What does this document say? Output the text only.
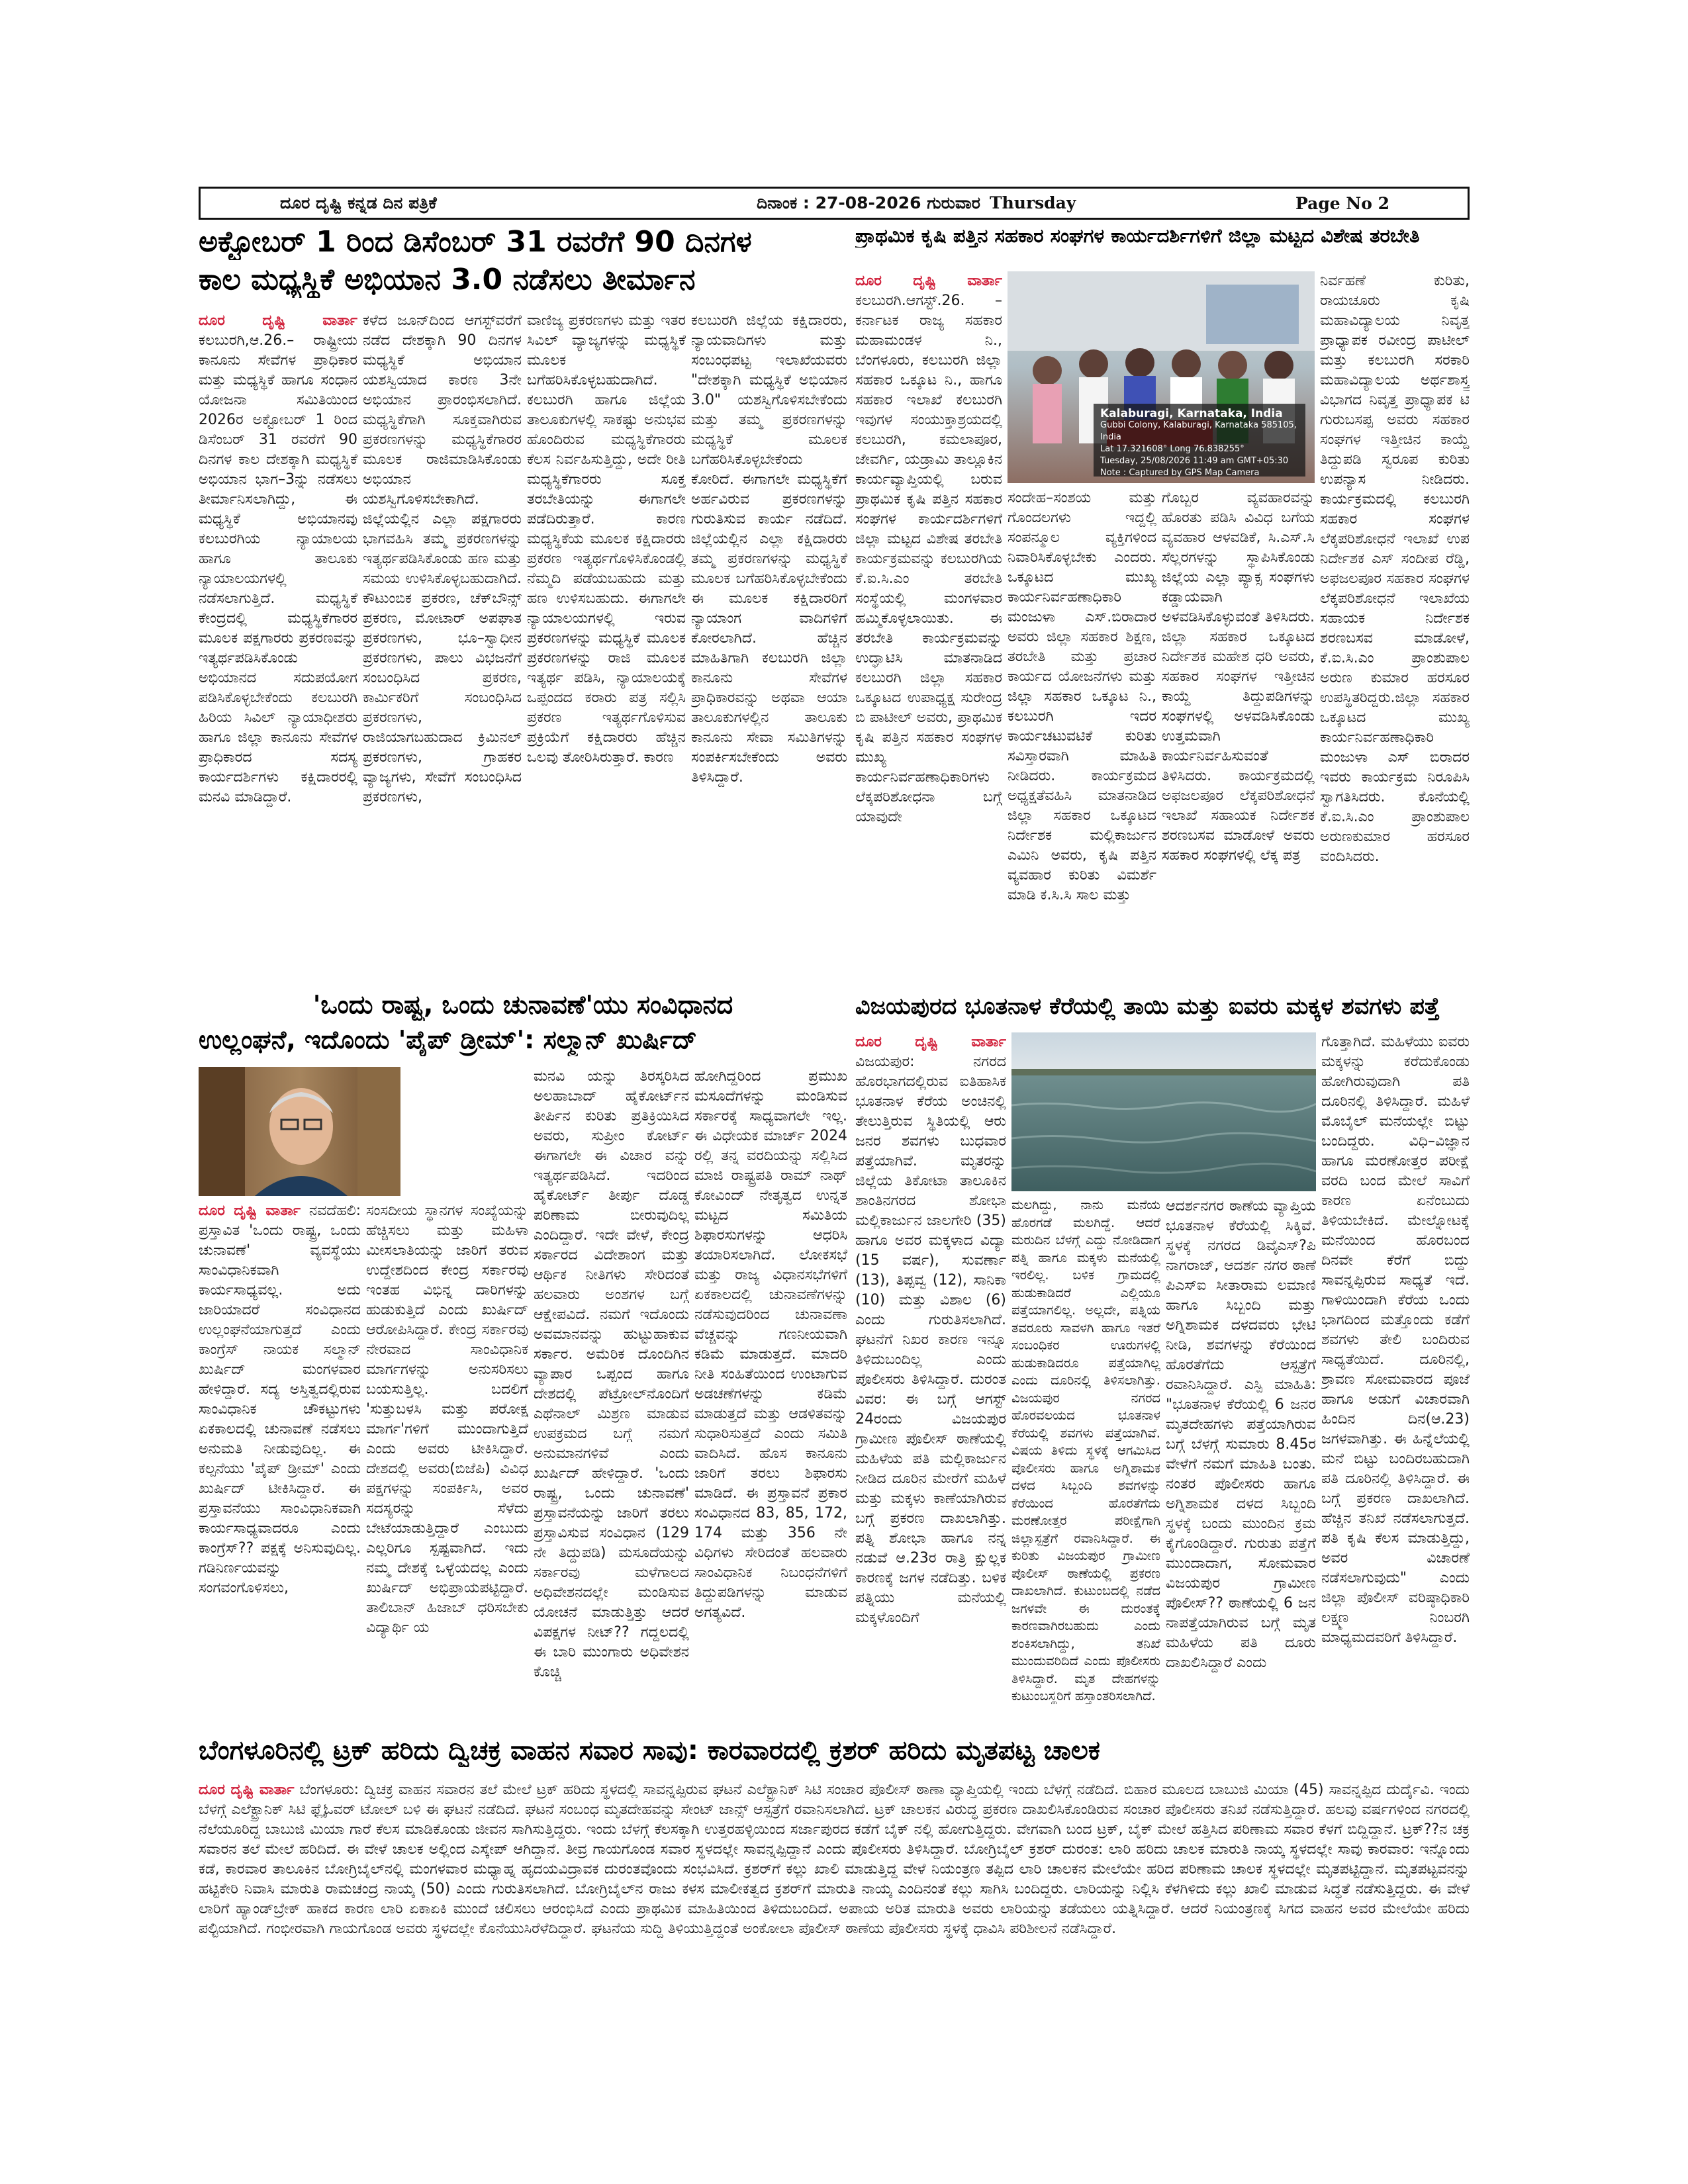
ದೂರ ದೃಷ್ಟಿ ಕನ್ನಡ ದಿನ ಪತ್ರಿಕೆ	ದಿನಾಂಕ : 27-08-2026 ಗುರುವಾರ Thursday	Page No 2
ಅಕ್ಟೋಬರ್ 1 ರಿಂದ ಡಿಸೆಂಬರ್ 31 ರವರೆಗೆ 90 ದಿನಗಳ
ಕಾಲ ಮಧ್ಯಸ್ಥಿಕೆ ಅಭಿಯಾನ 3.0 ನಡೆಸಲು ತೀರ್ಮಾನ
ದೂರ ದೃಷ್ಟಿ ವಾರ್ತಾ ಕಲಬುರಗಿ,ಆ.26.– ರಾಷ್ಟ್ರೀಯ ಕಾನೂನು ಸೇವೆಗಳ ಪ್ರಾಧಿಕಾರ ಮತ್ತು ಮಧ್ಯಸ್ಥಿಕೆ ಹಾಗೂ ಸಂಧಾನ ಯೋಜನಾ ಸಮಿತಿಯಿಂದ 2026ರ ಅಕ್ಟೋಬರ್ 1 ರಿಂದ ಡಿಸೆಂಬರ್ 31 ರವರೆಗೆ 90 ದಿನಗಳ ಕಾಲ ದೇಶಕ್ಕಾಗಿ ಮಧ್ಯಸ್ಥಿಕೆ ಅಭಿಯಾನ ಭಾಗ–3ನ್ನು ನಡೆಸಲು ತೀರ್ಮಾನಿಸಲಾಗಿದ್ದು, ಈ ಮಧ್ಯಸ್ಥಿಕೆ ಅಭಿಯಾನವು ಕಲಬುರಗಿಯ ನ್ಯಾಯಾಲಯ ಹಾಗೂ ತಾಲೂಕು ನ್ಯಾಯಾಲಯಗಳಲ್ಲಿ ನಡೆಸಲಾಗುತ್ತಿದೆ. ಮಧ್ಯಸ್ಥಿಕೆ ಕೇಂದ್ರದಲ್ಲಿ ಮಧ್ಯಸ್ಥಿಕೆಗಾರರ ಮೂಲಕ ಪಕ್ಷಗಾರರು ಪ್ರಕರಣವನ್ನು ಇತ್ಯರ್ಥಪಡಿಸಿಕೊಂಡು ಅಭಿಯಾನದ ಸದುಪಯೋಗ ಪಡಿಸಿಕೊಳ್ಳಬೇಕೆಂದು ಕಲಬುರಗಿ ಹಿರಿಯ ಸಿವಿಲ್ ನ್ಯಾಯಾಧೀಶರು ಹಾಗೂ ಜಿಲ್ಲಾ ಕಾನೂನು ಸೇವೆಗಳ ಪ್ರಾಧಿಕಾರದ ಸದಸ್ಯ ಕಾರ್ಯದರ್ಶಿಗಳು ಕಕ್ಷಿದಾರರಲ್ಲಿ ಮನವಿ ಮಾಡಿದ್ದಾರೆ.
ಕಳೆದ ಜೂನ್‌ದಿಂದ ಆಗಸ್ಟ್‌ವರೆಗೆ ನಡೆದ ದೇಶಕ್ಕಾಗಿ 90 ದಿನಗಳ ಮಧ್ಯಸ್ಥಿಕೆ ಅಭಿಯಾನ ಯಶಸ್ವಿಯಾದ ಕಾರಣ 3ನೇ ಅಭಿಯಾನ ಪ್ರಾರಂಭಿಸಲಾಗಿದೆ. ಮಧ್ಯಸ್ಥಿಕೆಗಾಗಿ ಸೂಕ್ತವಾಗಿರುವ ಪ್ರಕರಣಗಳನ್ನು ಮಧ್ಯಸ್ಥಿಕೆಗಾರರ ಮೂಲಕ ರಾಜಿಮಾಡಿಸಿಕೊಂಡು ಅಭಿಯಾನ ಯಶಸ್ವಿಗೊಳಿಸಬೇಕಾಗಿದೆ. ಜಿಲ್ಲೆಯಲ್ಲಿನ ಎಲ್ಲಾ ಪಕ್ಷಗಾರರು ಭಾಗವಹಿಸಿ ತಮ್ಮ ಪ್ರಕರಣಗಳನ್ನು ಇತ್ಯರ್ಥಪಡಿಸಿಕೊಂಡು ಹಣ ಮತ್ತು ಸಮಯ ಉಳಿಸಿಕೊಳ್ಳಬಹುದಾಗಿದೆ. ಕೌಟುಂಬಿಕ ಪ್ರಕರಣ, ಚೆಕ್‌ಬೌನ್ಸ್ ಪ್ರಕರಣ, ಮೋಟಾರ್ ಅಪಘಾತ ಪ್ರಕರಣಗಳು, ಭೂ–ಸ್ವಾಧೀನ ಪ್ರಕರಣಗಳು, ಪಾಲು ವಿಭಜನೆಗೆ ಸಂಬಂಧಿಸಿದ ಪ್ರಕರಣ, ಕಾರ್ಮಿಕರಿಗೆ ಸಂಬಂಧಿಸಿದ ಪ್ರಕರಣಗಳು, ರಾಜಿಯಾಗಬಹುದಾದ ಕ್ರಿಮಿನಲ್ ಪ್ರಕರಣಗಳು, ಗ್ರಾಹಕರ ವ್ಯಾಜ್ಯಗಳು, ಸೇವೆಗೆ ಸಂಬಂಧಿಸಿದ ಪ್ರಕರಣಗಳು,
ವಾಣಿಜ್ಯ ಪ್ರಕರಣಗಳು ಮತ್ತು ಇತರ ಸಿವಿಲ್ ವ್ಯಾಜ್ಯಗಳನ್ನು ಮಧ್ಯಸ್ಥಿಕೆ ಮೂಲಕ ಬಗೆಹರಿಸಿಕೊಳ್ಳಬಹುದಾಗಿದೆ. ಕಲಬುರಗಿ ಹಾಗೂ ಜಿಲ್ಲೆಯ ತಾಲೂಕುಗಳಲ್ಲಿ ಸಾಕಷ್ಟು ಅನುಭವ ಹೊಂದಿರುವ ಮಧ್ಯಸ್ಥಿಕೆಗಾರರು ಕೆಲಸ ನಿರ್ವಹಿಸುತ್ತಿದ್ದು, ಅದೇ ರೀತಿ ಮಧ್ಯಸ್ಥಿಕೆಗಾರರು ಸೂಕ್ತ ತರಬೇತಿಯನ್ನು ಈಗಾಗಲೇ ಪಡೆದಿರುತ್ತಾರೆ. ಕಾರಣ ಮಧ್ಯಸ್ಥಿಕೆಯ ಮೂಲಕ ಕಕ್ಷಿದಾರರು ಪ್ರಕರಣ ಇತ್ಯರ್ಥಗೊಳಿಸಿಕೊಂಡಲ್ಲಿ ನೆಮ್ಮದಿ ಪಡೆಯಬಹುದು ಮತ್ತು ಹಣ ಉಳಿಸಬಹುದು. ಈಗಾಗಲೇ ನ್ಯಾಯಾಲಯಗಳಲ್ಲಿ ಇರುವ ಪ್ರಕರಣಗಳನ್ನು ಮಧ್ಯಸ್ಥಿಕೆ ಮೂಲಕ ಪ್ರಕರಣಗಳನ್ನು ರಾಜಿ ಮೂಲಕ ಇತ್ಯರ್ಥ ಪಡಿಸಿ, ನ್ಯಾಯಾಲಯಕ್ಕೆ ಒಪ್ಪಂದದ ಕರಾರು ಪತ್ರ ಸಲ್ಲಿಸಿ ಪ್ರಕರಣ ಇತ್ಯರ್ಥಗೊಳಿಸುವ ಪ್ರಕ್ರಿಯೆಗೆ ಕಕ್ಷಿದಾರರು ಹೆಚ್ಚಿನ ಒಲವು ತೋರಿಸಿರುತ್ತಾರೆ. ಕಾರಣ
ಕಲಬುರಗಿ ಜಿಲ್ಲೆಯ ಕಕ್ಷಿದಾರರು, ನ್ಯಾಯವಾದಿಗಳು ಮತ್ತು ಸಂಬಂಧಪಟ್ಟ ಇಲಾಖೆಯವರು "ದೇಶಕ್ಕಾಗಿ ಮಧ್ಯಸ್ಥಿಕೆ ಅಭಿಯಾನ 3.0" ಯಶಸ್ವಿಗೊಳಿಸಬೇಕೆಂದು ಮತ್ತು ತಮ್ಮ ಪ್ರಕರಣಗಳನ್ನು ಮಧ್ಯಸ್ಥಿಕೆ ಮೂಲಕ ಬಗೆಹರಿಸಿಕೊಳ್ಳಬೇಕೆಂದು ಕೋರಿದೆ. ಈಗಾಗಲೇ ಮಧ್ಯಸ್ಥಿಕೆಗೆ ಅರ್ಹವಿರುವ ಪ್ರಕರಣಗಳನ್ನು ಗುರುತಿಸುವ ಕಾರ್ಯ ನಡೆದಿದೆ. ಜಿಲ್ಲೆಯಲ್ಲಿನ ಎಲ್ಲಾ ಕಕ್ಷಿದಾರರು ತಮ್ಮ ಪ್ರಕರಣಗಳನ್ನು ಮಧ್ಯಸ್ಥಿಕೆ ಮೂಲಕ ಬಗೆಹರಿಸಿಕೊಳ್ಳಬೇಕೆಂದು ಈ ಮೂಲಕ ಕಕ್ಷಿದಾರರಿಗೆ ನ್ಯಾಯಾಂಗ ವಾದಿಗಳಿಗೆ ಕೋರಲಾಗಿದೆ. ಹೆಚ್ಚಿನ ಮಾಹಿತಿಗಾಗಿ ಕಲಬುರಗಿ ಜಿಲ್ಲಾ ಕಾನೂನು ಸೇವೆಗಳ ಪ್ರಾಧಿಕಾರವನ್ನು ಅಥವಾ ಆಯಾ ತಾಲೂಕುಗಳಲ್ಲಿನ ತಾಲೂಕು ಕಾನೂನು ಸೇವಾ ಸಮಿತಿಗಳನ್ನು ಸಂಪರ್ಕಿಸಬೇಕೆಂದು ಅವರು ತಿಳಿಸಿದ್ದಾರೆ.
ಪ್ರಾಥಮಿಕ ಕೃಷಿ ಪತ್ತಿನ ಸಹಕಾರ ಸಂಘಗಳ ಕಾರ್ಯದರ್ಶಿಗಳಿಗೆ ಜಿಲ್ಲಾ ಮಟ್ಟದ ವಿಶೇಷ ತರಬೇತಿ
ದೂರ ದೃಷ್ಟಿ ವಾರ್ತಾ ಕಲಬುರಗಿ.ಆಗಸ್ಟ್.26. – ಕರ್ನಾಟಕ ರಾಜ್ಯ ಸಹಕಾರ ಮಹಾಮಂಡಳ ನಿ., ಬೆಂಗಳೂರು, ಕಲಬುರಗಿ ಜಿಲ್ಲಾ ಸಹಕಾರ ಒಕ್ಕೂಟ ನಿ., ಹಾಗೂ ಸಹಕಾರ ಇಲಾಖೆ ಕಲಬುರಗಿ ಇವುಗಳ ಸಂಯುಕ್ತಾಶ್ರಯದಲ್ಲಿ ಕಲಬುರಗಿ, ಕಮಲಾಪೂರ, ಜೇವರ್ಗಿ, ಯಡ್ರಾಮಿ ತಾಲ್ಲೂಕಿನ ಕಾರ್ಯವ್ಯಾಪ್ತಿಯಲ್ಲಿ ಬರುವ ಪ್ರಾಥಮಿಕ ಕೃಷಿ ಪತ್ತಿನ ಸಹಕಾರ ಸಂಘಗಳ ಕಾರ್ಯದರ್ಶಿಗಳಿಗೆ ಜಿಲ್ಲಾ ಮಟ್ಟದ ವಿಶೇಷ ತರಬೇತಿ ಕಾರ್ಯಕ್ರಮವನ್ನು ಕಲಬುರಗಿಯ ಕೆ.ಐ.ಸಿ.ಎಂ ತರಬೇತಿ ಸಂಸ್ಥೆಯಲ್ಲಿ ಮಂಗಳವಾರ ಹಮ್ಮಿಕೊಳ್ಳಲಾಯಿತು. ಈ ತರಬೇತಿ ಕಾರ್ಯಕ್ರಮವನ್ನು ಉದ್ಘಾಟಿಸಿ ಮಾತನಾಡಿದ ಕಲಬುರಗಿ ಜಿಲ್ಲಾ ಸಹಕಾರ ಒಕ್ಕೂಟದ ಉಪಾಧ್ಯಕ್ಷ ಸುರೇಂದ್ರ ಬಿ ಪಾಟೀಲ್ ಅವರು, ಪ್ರಾಥಮಿಕ ಕೃಷಿ ಪತ್ತಿನ ಸಹಕಾರ ಸಂಘಗಳ ಮುಖ್ಯ ಕಾರ್ಯನಿರ್ವಹಣಾಧಿಕಾರಿಗಳು ಲೆಕ್ಕಪರಿಶೋಧನಾ ಬಗ್ಗೆ ಯಾವುದೇ
Kalaburagi, Karnataka, India
Gubbi Colony, Kalaburagi, Karnataka 585105, India
Lat 17.321608° Long 76.838255°
Tuesday, 25/08/2026 11:49 am GMT+05:30
Note : Captured by GPS Map Camera
ಸಂದೇಹ–ಸಂಶಯ ಮತ್ತು ಗೊಂದಲಗಳು ಇದ್ದಲ್ಲಿ ಸಂಪನ್ಮೂಲ ವ್ಯಕ್ತಿಗಳಿಂದ ನಿವಾರಿಸಿಕೊಳ್ಳಬೇಕು ಎಂದರು. ಒಕ್ಕೂಟದ ಮುಖ್ಯ ಕಾರ್ಯನಿರ್ವಹಣಾಧಿಕಾರಿ ಮಂಜುಳಾ ಎಸ್.ಬಿರಾದಾರ ಅವರು ಜಿಲ್ಲಾ ಸಹಕಾರ ಶಿಕ್ಷಣ, ತರಬೇತಿ ಮತ್ತು ಪ್ರಚಾರ ಕಾರ್ಯದ ಯೋಜನೆಗಳು ಮತ್ತು ಜಿಲ್ಲಾ ಸಹಕಾರ ಒಕ್ಕೂಟ ನಿ., ಕಲಬುರಗಿ ಇದರ ಕಾರ್ಯಚಟುವಟಿಕೆ ಕುರಿತು ಸವಿಸ್ತಾರವಾಗಿ ಮಾಹಿತಿ ನೀಡಿದರು. ಕಾರ್ಯಕ್ರಮದ ಅಧ್ಯಕ್ಷತೆವಹಿಸಿ ಮಾತನಾಡಿದ ಜಿಲ್ಲಾ ಸಹಕಾರ ಒಕ್ಕೂಟದ ನಿರ್ದೇಶಕ ಮಲ್ಲಿಕಾರ್ಜುನ ಎಮಿನಿ ಅವರು, ಕೃಷಿ ಪತ್ತಿನ ವ್ಯವಹಾರ ಕುರಿತು ವಿಮರ್ಶೆ ಮಾಡಿ ಕ.ಸಿ.ಸಿ ಸಾಲ ಮತ್ತು
ಗೊಬ್ಬರ ವ್ಯವಹಾರವನ್ನು ಹೊರತು ಪಡಿಸಿ ವಿವಿಧ ಬಗೆಯ ವ್ಯವಹಾರ ಆಳವಡಿಕೆ, ಸಿ.ಎಸ್.ಸಿ ಸೆಲ್ಲರಗಳನ್ನು ಸ್ಥಾಪಿಸಿಕೊಂಡು ಜಿಲ್ಲೆಯ ಎಲ್ಲಾ ಪ್ಯಾಕ್ಸ ಸಂಘಗಳು ಕಡ್ಡಾಯವಾಗಿ ಅಳವಡಿಸಿಕೊಳ್ಳುವಂತೆ ತಿಳಿಸಿದರು. ಜಿಲ್ಲಾ ಸಹಕಾರ ಒಕ್ಕೂಟದ ನಿರ್ದೇಶಕ ಮಹೇಶ ಧರಿ ಅವರು, ಸಹಕಾರ ಸಂಘಗಳ ಇತ್ತೀಚಿನ ಕಾಯ್ದೆ ತಿದ್ದುಪಡಿಗಳನ್ನು ಸಂಘಗಳಲ್ಲಿ ಅಳವಡಿಸಿಕೊಂಡು ಉತ್ತಮವಾಗಿ ಕಾರ್ಯನಿರ್ವಹಿಸುವಂತೆ ತಿಳಿಸಿದರು. ಕಾರ್ಯಕ್ರಮದಲ್ಲಿ ಅಫಜಲಪೂರ ಲೆಕ್ಕಪರಿಶೋಧನೆ ಇಲಾಖೆ ಸಹಾಯಕ ನಿರ್ದೇಶಕ ಶರಣಬಸವ ಮಾಡೋಳೆ ಅವರು ಸಹಕಾರ ಸಂಘಗಳಲ್ಲಿ ಲೆಕ್ಕ ಪತ್ರ
ನಿರ್ವಹಣೆ ಕುರಿತು, ರಾಯಚೂರು ಕೃಷಿ ಮಹಾವಿದ್ಯಾಲಯ ನಿವೃತ್ತ ಪ್ರಾಧ್ಯಾಪಕ ರವೀಂದ್ರ ಪಾಟೀಲ್ ಮತ್ತು ಕಲಬುರಗಿ ಸರಕಾರಿ ಮಹಾವಿದ್ಯಾಲಯ ಅರ್ಥಶಾಸ್ತ್ರ ವಿಭಾಗದ ನಿವೃತ್ತ ಪ್ರಾಧ್ಯಾಪಕ ಟಿ ಗುರುಬಸಪ್ಪ ಅವರು ಸಹಕಾರ ಸಂಘಗಳ ಇತ್ತೀಚಿನ ಕಾಯ್ದೆ ತಿದ್ದುಪಡಿ ಸ್ವರೂಪ ಕುರಿತು ಉಪನ್ಯಾಸ ನೀಡಿದರು. ಕಾರ್ಯಕ್ರಮದಲ್ಲಿ ಕಲಬುರಗಿ ಸಹಕಾರ ಸಂಘಗಳ ಲೆಕ್ಕಪರಿಶೋಧನೆ ಇಲಾಖೆ ಉಪ ನಿರ್ದೇಶಕ ಎಸ್ ಸಂದೀಪ ರೆಡ್ಡಿ, ಅಫಜಲಪೂರ ಸಹಕಾರ ಸಂಘಗಳ ಲೆಕ್ಕಪರಿಶೋಧನೆ ಇಲಾಖೆಯ ಸಹಾಯಕ ನಿರ್ದೇಶಕ ಶರಣಬಸವ ಮಾಡೋಳೆ, ಕೆ.ಐ.ಸಿ.ಎಂ ಪ್ರಾಂಶುಪಾಲ ಅರುಣ ಕುಮಾರ ಹರಸೂರ ಉಪಸ್ಥಿತರಿದ್ದರು.ಜಿಲ್ಲಾ ಸಹಕಾರ ಒಕ್ಕೂಟದ ಮುಖ್ಯ ಕಾರ್ಯನಿರ್ವಹಣಾಧಿಕಾರಿ ಮಂಜುಳಾ ಎಸ್ ಬಿರಾದರ ಇವರು ಕಾರ್ಯಕ್ರಮ ನಿರೂಪಿಸಿ ಸ್ವಾಗತಿಸಿದರು. ಕೊನೆಯಲ್ಲಿ ಕೆ.ಐ.ಸಿ.ಎಂ ಪ್ರಾಂಶುಪಾಲ ಅರುಣಕುಮಾರ ಹರಸೂರ ವಂದಿಸಿದರು.
'ಒಂದು ರಾಷ್ಟ್ರ, ಒಂದು ಚುನಾವಣೆ'ಯು ಸಂವಿಧಾನದ
ಉಲ್ಲಂಘನೆ, ಇದೊಂದು 'ಪೈಪ್ ಡ್ರೀಮ್': ಸಲ್ಮಾನ್ ಖುರ್ಷಿದ್
ದೂರ ದೃಷ್ಟಿ ವಾರ್ತಾ ನವದೆಹಲಿ: ಪ್ರಸ್ತಾವಿತ 'ಒಂದು ರಾಷ್ಟ್ರ, ಒಂದು ಚುನಾವಣೆ' ವ್ಯವಸ್ಥೆಯು ಸಾಂವಿಧಾನಿಕವಾಗಿ ಕಾರ್ಯಸಾಧ್ಯವಲ್ಲ. ಅದು ಜಾರಿಯಾದರೆ ಸಂವಿಧಾನದ ಉಲ್ಲಂಘನೆಯಾಗುತ್ತದೆ ಎಂದು ಕಾಂಗ್ರೆಸ್ ನಾಯಕ ಸಲ್ಮಾನ್ ಖುರ್ಷಿದ್ ಮಂಗಳವಾರ ಹೇಳಿದ್ದಾರೆ. ಸದ್ಯ ಅಸ್ತಿತ್ವದಲ್ಲಿರುವ ಸಾಂವಿಧಾನಿಕ ಚೌಕಟ್ಟುಗಳು ಏಕಕಾಲದಲ್ಲಿ ಚುನಾವಣೆ ನಡೆಸಲು ಅನುಮತಿ ನೀಡುವುದಿಲ್ಲ. ಈ ಕಲ್ಪನೆಯು 'ಪೈಪ್ ಡ್ರೀಮ್' ಎಂದು ಖುರ್ಷಿದ್ ಟೀಕಿಸಿದ್ದಾರೆ. ಈ ಪ್ರಸ್ತಾವನೆಯು ಸಾಂವಿಧಾನಿಕವಾಗಿ ಕಾರ್ಯಸಾಧ್ಯವಾದರೂ ಎಂದು ಕಾಂಗ್ರೆಸ್?? ಪಕ್ಷಕ್ಕೆ ಅನಿಸುವುದಿಲ್ಲ. ಗಡಿನಿರ್ಣಯವನ್ನು ಸಂಗವಂಗೊಳಿಸಲು,
ಸಂಸದೀಯ ಸ್ಥಾನಗಳ ಸಂಖ್ಯೆಯನ್ನು ಹೆಚ್ಚಿಸಲು ಮತ್ತು ಮಹಿಳಾ ಮೀಸಲಾತಿಯನ್ನು ಜಾರಿಗೆ ತರುವ ಉದ್ದೇಶದಿಂದ ಕೇಂದ್ರ ಸರ್ಕಾರವು ಇಂತಹ ವಿಭಿನ್ನ ದಾರಿಗಳನ್ನು ಹುಡುಕುತ್ತಿದೆ ಎಂದು ಖುರ್ಷಿದ್ ಆರೋಪಿಸಿದ್ದಾರೆ. ಕೇಂದ್ರ ಸರ್ಕಾರವು ನೇರವಾದ ಸಾಂವಿಧಾನಿಕ ಮಾರ್ಗಗಳನ್ನು ಅನುಸರಿಸಲು ಬಯಸುತ್ತಿಲ್ಲ. ಬದಲಿಗೆ 'ಸುತ್ತುಬಳಸಿ ಮತ್ತು ಪರೋಕ್ಷ ಮಾರ್ಗ'ಗಳಿಗೆ ಮುಂದಾಗುತ್ತಿದೆ ಎಂದು ಅವರು ಟೀಕಿಸಿದ್ದಾರೆ. ದೇಶದಲ್ಲಿ ಅವರು(ಬಿಜೆಪಿ) ವಿವಿಧ ಪಕ್ಷಗಳನ್ನು ಸಂಪರ್ಕಿಸಿ, ಅವರ ಸದಸ್ಯರನ್ನು ಸೆಳೆದು ಬೇಟೆಯಾಡುತ್ತಿದ್ದಾರೆ ಎಂಬುದು ಎಲ್ಲರಿಗೂ ಸ್ಪಷ್ಟವಾಗಿದೆ. ಇದು ನಮ್ಮ ದೇಶಕ್ಕೆ ಒಳ್ಳೆಯದಲ್ಲ ಎಂದು ಖುರ್ಷಿದ್ ಅಭಿಪ್ರಾಯಪಟ್ಟಿದ್ದಾರೆ. ತಾಲಿಬಾನ್ ಹಿಜಾಬ್ ಧರಿಸಬೇಕು ವಿದ್ಯಾರ್ಥಿ ಯ
ಮನವಿ ಯನ್ನು ತಿರಸ್ಕರಿಸಿದ ಅಲಹಾಬಾದ್ ಹೈಕೋರ್ಟ್‌ನ ತೀರ್ಪಿನ ಕುರಿತು ಪ್ರತಿಕ್ರಿಯಿಸಿದ ಅವರು, ಸುಪ್ರೀಂ ಕೋರ್ಟ್ ಈಗಾಗಲೇ ಈ ವಿಚಾರ ವನ್ನು ಇತ್ಯರ್ಥಪಡಿಸಿದೆ. ಇದರಿಂದ ಹೈಕೋರ್ಟ್ ತೀರ್ಪು ದೊಡ್ಡ ಪರಿಣಾಮ ಬೀರುವುದಿಲ್ಲ ಎಂದಿದ್ದಾರೆ. ಇದೇ ವೇಳೆ, ಕೇಂದ್ರ ಸರ್ಕಾರದ ವಿದೇಶಾಂಗ ಮತ್ತು ಆರ್ಥಿಕ ನೀತಿಗಳು ಸೇರಿದಂತೆ ಹಲವಾರು ಅಂಶಗಳ ಬಗ್ಗೆ ಆಕ್ಷೇಪವಿದೆ. ನಮಗೆ ಇದೊಂದು ಅವಮಾನವನ್ನು ಹುಟ್ಟುಹಾಕುವ ಸರ್ಕಾರ. ಅಮೆರಿಕ ದೊಂದಿಗಿನ ವ್ಯಾಪಾರ ಒಪ್ಪಂದ ಹಾಗೂ ದೇಶದಲ್ಲಿ ಪೆಟ್ರೋಲ್‌ನೊಂದಿಗೆ ಎಥೆನಾಲ್ ಮಿಶ್ರಣ ಮಾಡುವ ಉಪಕ್ರಮದ ಬಗ್ಗೆ ನಮಗೆ ಅನುಮಾನಗಳಿವೆ ಎಂದು ಖುರ್ಷಿದ್ ಹೇಳಿದ್ದಾರೆ. 'ಒಂದು ರಾಷ್ಟ್ರ, ಒಂದು ಚುನಾವಣೆ' ಪ್ರಸ್ತಾವನೆಯನ್ನು ಜಾರಿಗೆ ತರಲು ಪ್ರಸ್ತಾವಿಸುವ ಸಂವಿಧಾನ (129 ನೇ ತಿದ್ದುಪಡಿ) ಮಸೂದೆಯನ್ನು ಸರ್ಕಾರವು ಮಳೆಗಾಲದ ಅಧಿವೇಶನದಲ್ಲೇ ಮಂಡಿಸುವ ಯೋಚನೆ ಮಾಡುತ್ತಿತ್ತು ಆದರೆ ವಿಪಕ್ಷಗಳ ನೀಟ್?? ಗದ್ದಲದಲ್ಲಿ ಈ ಬಾರಿ ಮುಂಗಾರು ಅಧಿವೇಶನ ಕೊಚ್ಚಿ
ಹೋಗಿದ್ದರಿಂದ ಪ್ರಮುಖ ಮಸೂದೆಗಳನ್ನು ಮಂಡಿಸುವ ಸರ್ಕಾರಕ್ಕೆ ಸಾಧ್ಯವಾಗಲೇ ಇಲ್ಲ. ಈ ವಿಧೇಯಕ ಮಾರ್ಚ್ 2024 ರಲ್ಲಿ ತನ್ನ ವರದಿಯನ್ನು ಸಲ್ಲಿಸಿದ ಮಾಜಿ ರಾಷ್ಟ್ರಪತಿ ರಾಮ್ ನಾಥ್ ಕೋವಿಂದ್ ನೇತೃತ್ವದ ಉನ್ನತ ಮಟ್ಟದ ಸಮಿತಿಯ ಶಿಫಾರಸುಗಳನ್ನು ಆಧರಿಸಿ ತಯಾರಿಸಲಾಗಿದೆ. ಲೋಕಸಭೆ ಮತ್ತು ರಾಜ್ಯ ವಿಧಾನಸಭೆಗಳಿಗೆ ಏಕಕಾಲದಲ್ಲಿ ಚುನಾವಣೆಗಳನ್ನು ನಡೆಸುವುದರಿಂದ ಚುನಾವಣಾ ವೆಚ್ಚವನ್ನು ಗಣನೀಯವಾಗಿ ಕಡಿಮೆ ಮಾಡುತ್ತದೆ. ಮಾದರಿ ನೀತಿ ಸಂಹಿತೆಯಿಂದ ಉಂಟಾಗುವ ಅಡಚಣೆಗಳನ್ನು ಕಡಿಮೆ ಮಾಡುತ್ತದೆ ಮತ್ತು ಆಡಳಿತವನ್ನು ಸುಧಾರಿಸುತ್ತದೆ ಎಂದು ಸಮಿತಿ ವಾದಿಸಿದೆ. ಹೊಸ ಕಾನೂನು ಜಾರಿಗೆ ತರಲು ಶಿಫಾರಸು ಮಾಡಿದೆ. ಈ ಪ್ರಸ್ತಾವನೆ ಪ್ರಕಾರ ಸಂವಿಧಾನದ 83, 85, 172, 174 ಮತ್ತು 356 ನೇ ವಿಧಿಗಳು ಸೇರಿದಂತೆ ಹಲವಾರು ಸಾಂವಿಧಾನಿಕ ನಿಬಂಧನೆಗಳಿಗೆ ತಿದ್ದುಪಡಿಗಳನ್ನು ಮಾಡುವ ಅಗತ್ಯವಿದೆ.
ವಿಜಯಪುರದ ಭೂತನಾಳ ಕೆರೆಯಲ್ಲಿ ತಾಯಿ ಮತ್ತು ಐವರು ಮಕ್ಕಳ ಶವಗಳು ಪತ್ತೆ
ದೂರ ದೃಷ್ಟಿ ವಾರ್ತಾ ವಿಜಯಪುರ: ನಗರದ ಹೊರಭಾಗದಲ್ಲಿರುವ ಐತಿಹಾಸಿಕ ಭೂತನಾಳ ಕೆರೆಯ ಅಂಚಿನಲ್ಲಿ ತೇಲುತ್ತಿರುವ ಸ್ಥಿತಿಯಲ್ಲಿ ಆರು ಜನರ ಶವಗಳು ಬುಧವಾರ ಪತ್ತೆಯಾಗಿವೆ. ಮೃತರನ್ನು ಜಿಲ್ಲೆಯ ತಿಕೋಟಾ ತಾಲೂಕಿನ ಶಾಂತಿನಗರದ ಶೋಭಾ ಮಲ್ಲಿಕಾರ್ಜುನ ಜಾಲಗೇರಿ (35) ಹಾಗೂ ಅವರ ಮಕ್ಕಳಾದ ವಿದ್ಯಾ (15 ವರ್ಷ), ಸುವರ್ಣಾ (13), ತಿಪ್ಪವ್ವ (12), ಸಾನಿಕಾ (10) ಮತ್ತು ವಿಶಾಲ (6) ಎಂದು ಗುರುತಿಸಲಾಗಿದೆ. ಘಟನೆಗೆ ನಿಖರ ಕಾರಣ ಇನ್ನೂ ತಿಳಿದುಬಂದಿಲ್ಲ ಎಂದು ಪೊಲೀಸರು ತಿಳಿಸಿದ್ದಾರೆ. ದುರಂತ ವಿವರ: ಈ ಬಗ್ಗೆ ಆಗಸ್ಟ್ 24ರಂದು ವಿಜಯಪುರ ಗ್ರಾಮೀಣ ಪೊಲೀಸ್ ಠಾಣೆಯಲ್ಲಿ ಮಹಿಳೆಯ ಪತಿ ಮಲ್ಲಿಕಾರ್ಜುನ ನೀಡಿದ ದೂರಿನ ಮೇರೆಗೆ ಮಹಿಳೆ ಮತ್ತು ಮಕ್ಕಳು ಕಾಣೆಯಾಗಿರುವ ಬಗ್ಗೆ ಪ್ರಕರಣ ದಾಖಲಾಗಿತ್ತು. ಪತ್ನಿ ಶೋಭಾ ಹಾಗೂ ನನ್ನ ನಡುವೆ ಆ.23ರ ರಾತ್ರಿ ಕ್ಷುಲ್ಲಕ ಕಾರಣಕ್ಕೆ ಜಗಳ ನಡೆದಿತ್ತು. ಬಳಿಕ ಪತ್ನಿಯು ಮನೆಯಲ್ಲಿ ಮಕ್ಕಳೊಂದಿಗೆ
ಮಲಗಿದ್ದು, ನಾನು ಮನೆಯ ಹೊರಗಡೆ ಮಲಗಿದ್ದೆ. ಆದರೆ ಮರುದಿನ ಬೆಳಗ್ಗೆ ಎದ್ದು ನೋಡಿದಾಗ ಪತ್ನಿ ಹಾಗೂ ಮಕ್ಕಳು ಮನೆಯಲ್ಲಿ ಇರಲಿಲ್ಲ. ಬಳಿಕ ಗ್ರಾಮದಲ್ಲಿ ಹುಡುಕಾಡಿದರೆ ಎಲ್ಲಿಯೂ ಪತ್ತೆಯಾಗಲಿಲ್ಲ. ಅಲ್ಲದೇ, ಪತ್ನಿಯ ತವರೂರು ಸಾವಳಗಿ ಹಾಗೂ ಇತರೆ ಸಂಬಂಧಿಕರ ಊರುಗಳಲ್ಲಿ ಹುಡುಕಾಡಿದರೂ ಪತ್ತೆಯಾಗಿಲ್ಲ ಎಂದು ದೂರಿನಲ್ಲಿ ತಿಳಿಸಲಾಗಿತ್ತು. ವಿಜಯಪುರ ನಗರದ ಹೊರವಲಯದ ಭೂತನಾಳ ಕೆರೆಯಲ್ಲಿ ಶವಗಳು ಪತ್ತೆಯಾಗಿವೆ. ವಿಷಯ ತಿಳಿದು ಸ್ಥಳಕ್ಕೆ ಆಗಮಿಸಿದ ಪೊಲೀಸರು ಹಾಗೂ ಅಗ್ನಿಶಾಮಕ ದಳದ ಸಿಬ್ಬಂದಿ ಶವಗಳನ್ನು ಕೆರೆಯಿಂದ ಹೊರತೆಗೆದು ಮರಣೋತ್ತರ ಪರೀಕ್ಷೆಗಾಗಿ ಜಿಲ್ಲಾಸ್ಪತ್ರೆಗೆ ರವಾನಿಸಿದ್ದಾರೆ. ಈ ಕುರಿತು ವಿಜಯಪುರ ಗ್ರಾಮೀಣ ಪೊಲೀಸ್ ಠಾಣೆಯಲ್ಲಿ ಪ್ರಕರಣ ದಾಖಲಾಗಿದೆ. ಕುಟುಂಬದಲ್ಲಿ ನಡೆದ ಜಗಳವೇ ಈ ದುರಂತಕ್ಕೆ ಕಾರಣವಾಗಿರಬಹುದು ಎಂದು ಶಂಕಿಸಲಾಗಿದ್ದು, ತನಿಖೆ ಮುಂದುವರಿದಿದೆ ಎಂದು ಪೊಲೀಸರು ತಿಳಿಸಿದ್ದಾರೆ. ಮೃತ ದೇಹಗಳನ್ನು ಕುಟುಂಬಸ್ಥರಿಗೆ ಹಸ್ತಾಂತರಿಸಲಾಗಿದೆ.
ಆದರ್ಶನಗರ ಠಾಣೆಯ ವ್ಯಾಪ್ತಿಯ ಭೂತನಾಳ ಕೆರೆಯಲ್ಲಿ ಸಿಕ್ಕಿವೆ. ಸ್ಥಳಕ್ಕೆ ನಗರದ ಡಿವೈಎಸ್?ಪಿ ನಾಗರಾಜ್, ಆದರ್ಶ ನಗರ ಠಾಣೆ ಪಿಎಸ್ಐ ಸೀತಾರಾಮ ಲಮಾಣಿ ಹಾಗೂ ಸಿಬ್ಬಂದಿ ಮತ್ತು ಅಗ್ನಿಶಾಮಕ ದಳದವರು ಭೇಟಿ ನೀಡಿ, ಶವಗಳನ್ನು ಕೆರೆಯಿಂದ ಹೊರತೆಗೆದು ಆಸ್ಪತ್ರೆಗೆ ರವಾನಿಸಿದ್ದಾರೆ. ಎಸ್ಪಿ ಮಾಹಿತಿ: "ಭೂತನಾಳ ಕೆರೆಯಲ್ಲಿ 6 ಜನರ ಮೃತದೇಹಗಳು ಪತ್ತೆಯಾಗಿರುವ ಬಗ್ಗೆ ಬೆಳಗ್ಗೆ ಸುಮಾರು 8.45ರ ವೇಳೆಗೆ ನಮಗೆ ಮಾಹಿತಿ ಬಂತು. ನಂತರ ಪೊಲೀಸರು ಹಾಗೂ ಅಗ್ನಿಶಾಮಕ ದಳದ ಸಿಬ್ಬಂದಿ ಸ್ಥಳಕ್ಕೆ ಬಂದು ಮುಂದಿನ ಕ್ರಮ ಕೈಗೊಂಡಿದ್ದಾರೆ. ಗುರುತು ಪತ್ತೆಗೆ ಮುಂದಾದಾಗ, ಸೋಮವಾರ ವಿಜಯಪುರ ಗ್ರಾಮೀಣ ಪೊಲೀಸ್?? ಠಾಣೆಯಲ್ಲಿ 6 ಜನ ನಾಪತ್ತೆಯಾಗಿರುವ ಬಗ್ಗೆ ಮೃತ ಮಹಿಳೆಯ ಪತಿ ದೂರು ದಾಖಲಿಸಿದ್ದಾರೆ ಎಂದು
ಗೊತ್ತಾಗಿದೆ. ಮಹಿಳೆಯು ಐವರು ಮಕ್ಕಳನ್ನು ಕರೆದುಕೊಂಡು ಹೋಗಿರುವುದಾಗಿ ಪತಿ ದೂರಿನಲ್ಲಿ ತಿಳಿಸಿದ್ದಾರೆ. ಮಹಿಳೆ ಮೊಬೈಲ್ ಮನೆಯಲ್ಲೇ ಬಿಟ್ಟು ಬಂದಿದ್ದರು. ವಿಧಿ–ವಿಜ್ಞಾನ ಹಾಗೂ ಮರಣೋತ್ತರ ಪರೀಕ್ಷೆ ವರದಿ ಬಂದ ಮೇಲೆ ಸಾವಿಗೆ ಕಾರಣ ಏನೆಂಬುದು ತಿಳಿಯಬೇಕಿದೆ. ಮೇಲ್ನೋಟಕ್ಕೆ ಮನೆಯಿಂದ ಹೊರಬಂದ ದಿನವೇ ಕೆರೆಗೆ ಬಿದ್ದು ಸಾವನ್ನಪ್ಪಿರುವ ಸಾಧ್ಯತೆ ಇದೆ. ಗಾಳಿಯಿಂದಾಗಿ ಕೆರೆಯ ಒಂದು ಭಾಗದಿಂದ ಮತ್ತೊಂದು ಕಡೆಗೆ ಶವಗಳು ತೇಲಿ ಬಂದಿರುವ ಸಾಧ್ಯತೆಯಿದೆ. ದೂರಿನಲ್ಲಿ, ಶ್ರಾವಣ ಸೋಮವಾರದ ಪೂಜೆ ಹಾಗೂ ಅಡುಗೆ ವಿಚಾರವಾಗಿ ಹಿಂದಿನ ದಿನ(ಆ.23) ಜಗಳವಾಗಿತ್ತು. ಈ ಹಿನ್ನೆಲೆಯಲ್ಲಿ ಮನೆ ಬಿಟ್ಟು ಬಂದಿರಬಹುದಾಗಿ ಪತಿ ದೂರಿನಲ್ಲಿ ತಿಳಿಸಿದ್ದಾರೆ. ಈ ಬಗ್ಗೆ ಪ್ರಕರಣ ದಾಖಲಾಗಿದೆ. ಹೆಚ್ಚಿನ ತನಿಖೆ ನಡೆಸಲಾಗುತ್ತದೆ. ಪತಿ ಕೃಷಿ ಕೆಲಸ ಮಾಡುತ್ತಿದ್ದು, ಅವರ ವಿಚಾರಣೆ ನಡೆಸಲಾಗುವುದು" ಎಂದು ಜಿಲ್ಲಾ ಪೊಲೀಸ್ ವರಿಷ್ಠಾಧಿಕಾರಿ ಲಕ್ಷ್ಮಣ ನಿಂಬರಗಿ ಮಾಧ್ಯಮದವರಿಗೆ ತಿಳಿಸಿದ್ದಾರೆ.
ಬೆಂಗಳೂರಿನಲ್ಲಿ ಟ್ರಕ್ ಹರಿದು ದ್ವಿಚಕ್ರ ವಾಹನ ಸವಾರ ಸಾವು: ಕಾರವಾರದಲ್ಲಿ ಕ್ರಶರ್ ಹರಿದು ಮೃತಪಟ್ಟ ಚಾಲಕ
ದೂರ ದೃಷ್ಟಿ ವಾರ್ತಾ ಬೆಂಗಳೂರು: ದ್ವಿಚಕ್ರ ವಾಹನ ಸವಾರನ ತಲೆ ಮೇಲೆ ಟ್ರಕ್ ಹರಿದು ಸ್ಥಳದಲ್ಲಿ ಸಾವನ್ನಪ್ಪಿರುವ ಘಟನೆ ಎಲೆಕ್ಟ್ರಾನಿಕ್ ಸಿಟಿ ಸಂಚಾರ ಪೊಲೀಸ್ ಠಾಣಾ ವ್ಯಾಪ್ತಿಯಲ್ಲಿ ಇಂದು ಬೆಳಗ್ಗೆ ನಡೆದಿದೆ. ಬಿಹಾರ ಮೂಲದ ಬಾಬುಜಿ ಮಿಯಾ (45) ಸಾವನ್ನಪ್ಪಿದ ದುರ್ದೈವಿ. ಇಂದು ಬೆಳಗ್ಗೆ ಎಲೆಕ್ಟ್ರಾನಿಕ್ ಸಿಟಿ ಫ್ಲೈಓವರ್ ಟೋಲ್ ಬಳಿ ಈ ಘಟನೆ ನಡೆದಿದೆ. ಘಟನೆ ಸಂಬಂಧ ಮೃತದೇಹವನ್ನು ಸೇಂಟ್ ಜಾನ್ಸ್ ಆಸ್ಪತ್ರೆಗೆ ರವಾನಿಸಲಾಗಿದೆ. ಟ್ರಕ್ ಚಾಲಕನ ವಿರುದ್ಧ ಪ್ರಕರಣ ದಾಖಲಿಸಿಕೊಂಡಿರುವ ಸಂಚಾರ ಪೊಲೀಸರು ತನಿಖೆ ನಡೆಸುತ್ತಿದ್ದಾರೆ. ಹಲವು ವರ್ಷಗಳಿಂದ ನಗರದಲ್ಲಿ ನೆಲೆಯೂರಿದ್ದ ಬಾಬುಜಿ ಮಿಯಾ ಗಾರೆ ಕೆಲಸ ಮಾಡಿಕೊಂಡು ಜೀವನ ಸಾಗಿಸುತ್ತಿದ್ದರು. ಇಂದು ಬೆಳಗ್ಗೆ ಕೆಲಸಕ್ಕಾಗಿ ಉತ್ತರಹಳ್ಳಿಯಿಂದ ಸರ್ಜಾಪುರದ ಕಡೆಗೆ ಬೈಕ್ ನಲ್ಲಿ ಹೋಗುತ್ತಿದ್ದರು. ವೇಗವಾಗಿ ಬಂದ ಟ್ರಕ್, ಬೈಕ್ ಮೇಲೆ ಹತ್ತಿಸಿದ ಪರಿಣಾಮ ಸವಾರ ಕೆಳಗೆ ಬಿದ್ದಿದ್ದಾನೆ. ಟ್ರಕ್??ನ ಚಕ್ರ ಸವಾರನ ತಲೆ ಮೇಲೆ ಹರಿದಿದೆ. ಈ ವೇಳೆ ಚಾಲಕ ಅಲ್ಲಿಂದ ಎಸ್ಕೇಪ್ ಆಗಿದ್ದಾನೆ. ತೀವ್ರ ಗಾಯಗೊಂಡ ಸವಾರ ಸ್ಥಳದಲ್ಲೇ ಸಾವನ್ನಪ್ಪಿದ್ದಾನೆ ಎಂದು ಪೊಲೀಸರು ತಿಳಿಸಿದ್ದಾರೆ. ಬೋಗ್ರಿಬೈಲ್ ಕ್ರಶರ್ ದುರಂತ: ಲಾರಿ ಹರಿದು ಚಾಲಕ ಮಾರುತಿ ನಾಯ್ಕ ಸ್ಥಳದಲ್ಲೇ ಸಾವು ಕಾರವಾರ: ಇನ್ನೊಂದು ಕಡೆ, ಕಾರವಾರ ತಾಲೂಕಿನ ಬೋಗ್ರಿಬೈಲ್‌ನಲ್ಲಿ ಮಂಗಳವಾರ ಮಧ್ಯಾಹ್ನ ಹೃದಯವಿದ್ರಾವಕ ದುರಂತವೊಂದು ಸಂಭವಿಸಿದೆ. ಕ್ರಶರ್‌ಗೆ ಕಲ್ಲು ಖಾಲಿ ಮಾಡುತ್ತಿದ್ದ ವೇಳೆ ನಿಯಂತ್ರಣ ತಪ್ಪಿದ ಲಾರಿ ಚಾಲಕನ ಮೇಲೆಯೇ ಹರಿದ ಪರಿಣಾಮ ಚಾಲಕ ಸ್ಥಳದಲ್ಲೇ ಮೃತಪಟ್ಟಿದ್ದಾನೆ. ಮೃತಪಟ್ಟವನನ್ನು ಹಟ್ಟಿಕೇರಿ ನಿವಾಸಿ ಮಾರುತಿ ರಾಮಚಂದ್ರ ನಾಯ್ಕ (50) ಎಂದು ಗುರುತಿಸಲಾಗಿದೆ. ಬೋಗ್ರಿಬೈಲ್‌ನ ರಾಜು ಕಳಸ ಮಾಲೀಕತ್ವದ ಕ್ರಶರ್‌ಗೆ ಮಾರುತಿ ನಾಯ್ಕ ಎಂದಿನಂತೆ ಕಲ್ಲು ಸಾಗಿಸಿ ಬಂದಿದ್ದರು. ಲಾರಿಯನ್ನು ನಿಲ್ಲಿಸಿ ಕೆಳಗಿಳಿದು ಕಲ್ಲು ಖಾಲಿ ಮಾಡುವ ಸಿದ್ಧತೆ ನಡೆಸುತ್ತಿದ್ದರು. ಈ ವೇಳೆ ಲಾರಿಗೆ ಹ್ಯಾಂಡ್‌ಬ್ರೇಕ್ ಹಾಕದ ಕಾರಣ ಲಾರಿ ಏಕಾಏಕಿ ಮುಂದೆ ಚಲಿಸಲು ಆರಂಭಿಸಿದೆ ಎಂದು ಪ್ರಾಥಮಿಕ ಮಾಹಿತಿಯಿಂದ ತಿಳಿದುಬಂದಿದೆ. ಅಪಾಯ ಅರಿತ ಮಾರುತಿ ಅವರು ಲಾರಿಯನ್ನು ತಡೆಯಲು ಯತ್ನಿಸಿದ್ದಾರೆ. ಆದರೆ ನಿಯಂತ್ರಣಕ್ಕೆ ಸಿಗದ ವಾಹನ ಅವರ ಮೇಲೆಯೇ ಹರಿದು ಪಲ್ಟಿಯಾಗಿದೆ. ಗಂಭೀರವಾಗಿ ಗಾಯಗೊಂಡ ಅವರು ಸ್ಥಳದಲ್ಲೇ ಕೊನೆಯುಸಿರೆಳೆದಿದ್ದಾರೆ. ಘಟನೆಯ ಸುದ್ದಿ ತಿಳಿಯುತ್ತಿದ್ದಂತೆ ಅಂಕೋಲಾ ಪೊಲೀಸ್ ಠಾಣೆಯ ಪೊಲೀಸರು ಸ್ಥಳಕ್ಕೆ ಧಾವಿಸಿ ಪರಿಶೀಲನೆ ನಡೆಸಿದ್ದಾರೆ.
